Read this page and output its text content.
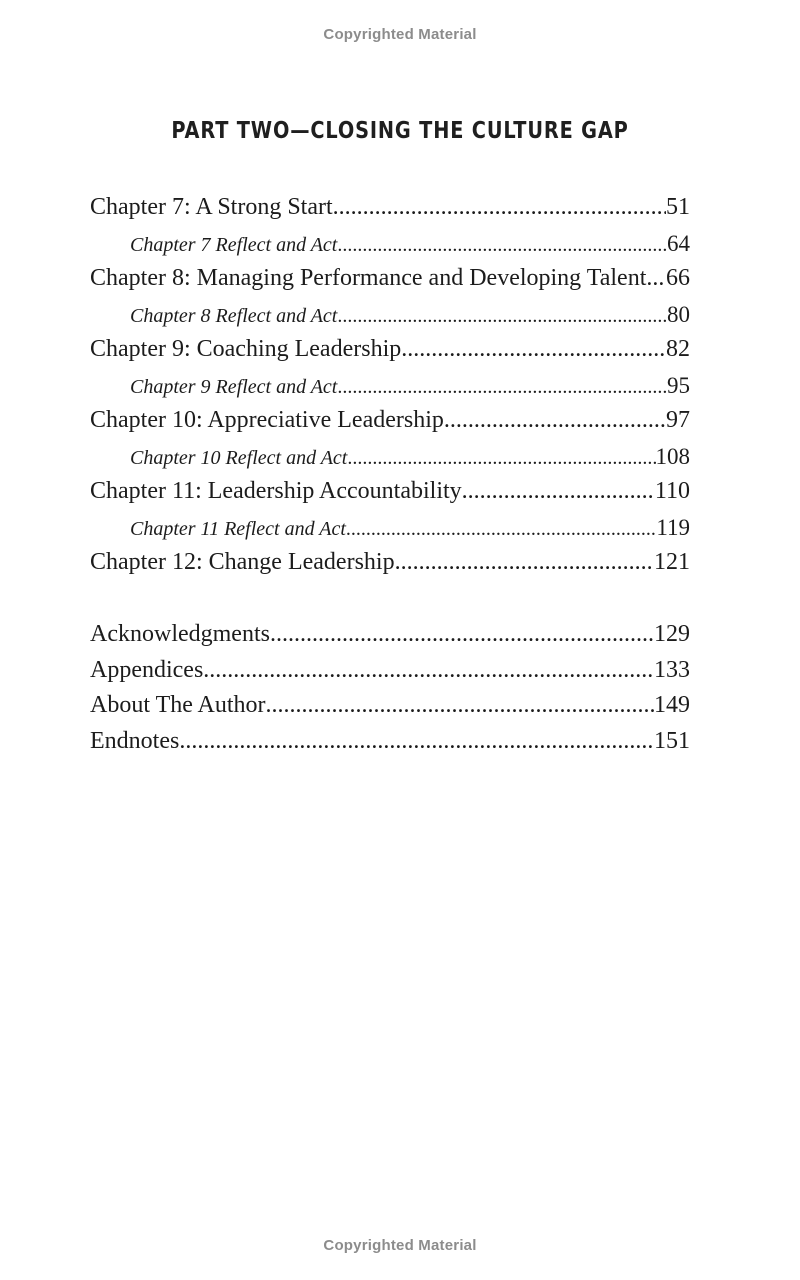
Copyrighted Material
PART TWO—CLOSING THE CULTURE GAP
Chapter 7: A Strong Start .....	51
Chapter 7 Reflect and Act .....	64
Chapter 8: Managing Performance and Developing Talent ..... 66
Chapter 8 Reflect and Act .....	80
Chapter 9: Coaching Leadership .....	82
Chapter 9 Reflect and Act .....	95
Chapter 10: Appreciative Leadership .....	97
Chapter 10 Reflect and Act .....	108
Chapter 11: Leadership Accountability .....	110
Chapter 11 Reflect and Act .....	119
Chapter 12: Change Leadership .....	121
Acknowledgments .....	129
Appendices .....	133
About The Author .....	149
Endnotes .....	151
Copyrighted Material
